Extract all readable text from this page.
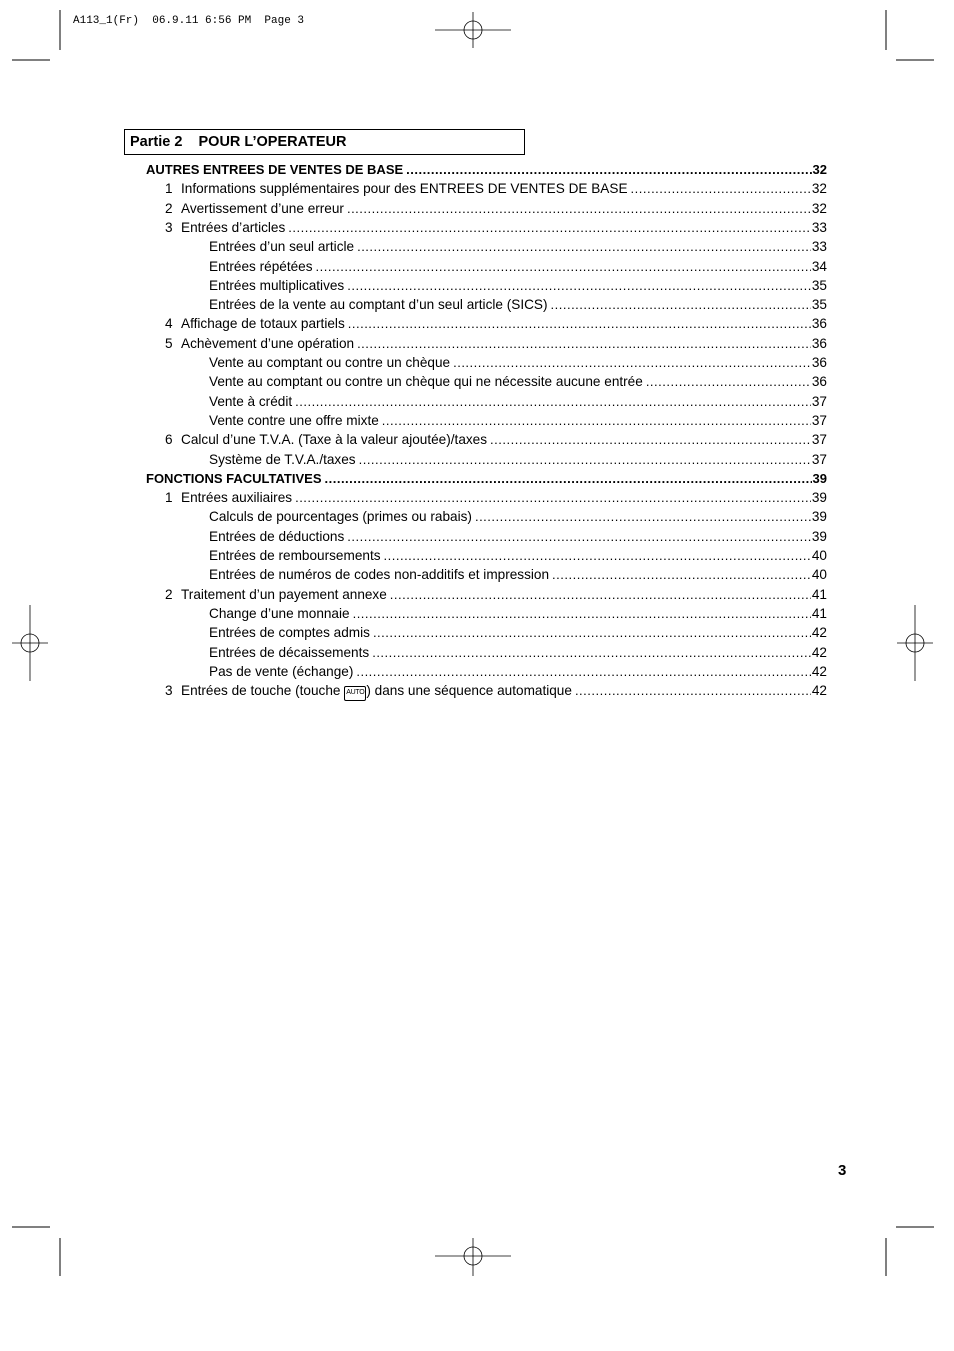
A113_1(Fr)  06.9.11 6:56 PM  Page 3
Partie 2    POUR L’OPERATEUR
AUTRES ENTREES DE VENTES DE BASE .....	32
1 Informations supplémentaires pour des ENTREES DE VENTES DE BASE .....	32
2 Avertissement d’une erreur .....	32
3 Entrées d’articles .....	33
Entrées d’un seul article .....	33
Entrées répétées .....	34
Entrées multiplicatives .....	35
Entrées de la vente au comptant d’un seul article (SICS) .....	35
4 Affichage de totaux partiels .....	36
5 Achèvement d’une opération .....	36
Vente au comptant ou contre un chèque .....	36
Vente au comptant ou contre un chèque qui ne nécessite aucune entrée .....	36
Vente à crédit .....	37
Vente contre une offre mixte .....	37
6 Calcul d’une T.V.A. (Taxe à la valeur ajoutée)/taxes .....	37
Système de T.V.A./taxes .....	37
FONCTIONS FACULTATIVES .....	39
1 Entrées auxiliaires .....	39
Calculs de pourcentages (primes ou rabais) .....	39
Entrées de déductions .....	39
Entrées de remboursements .....	40
Entrées de numéros de codes non-additifs et impression .....	40
2 Traitement d’un payement annexe .....	41
Change d’une monnaie .....	41
Entrées de comptes admis .....	42
Entrées de décaissements .....	42
Pas de vente (échange) .....	42
3 Entrées de touche (touche AUTO ) dans une séquence automatique .....	42
3
